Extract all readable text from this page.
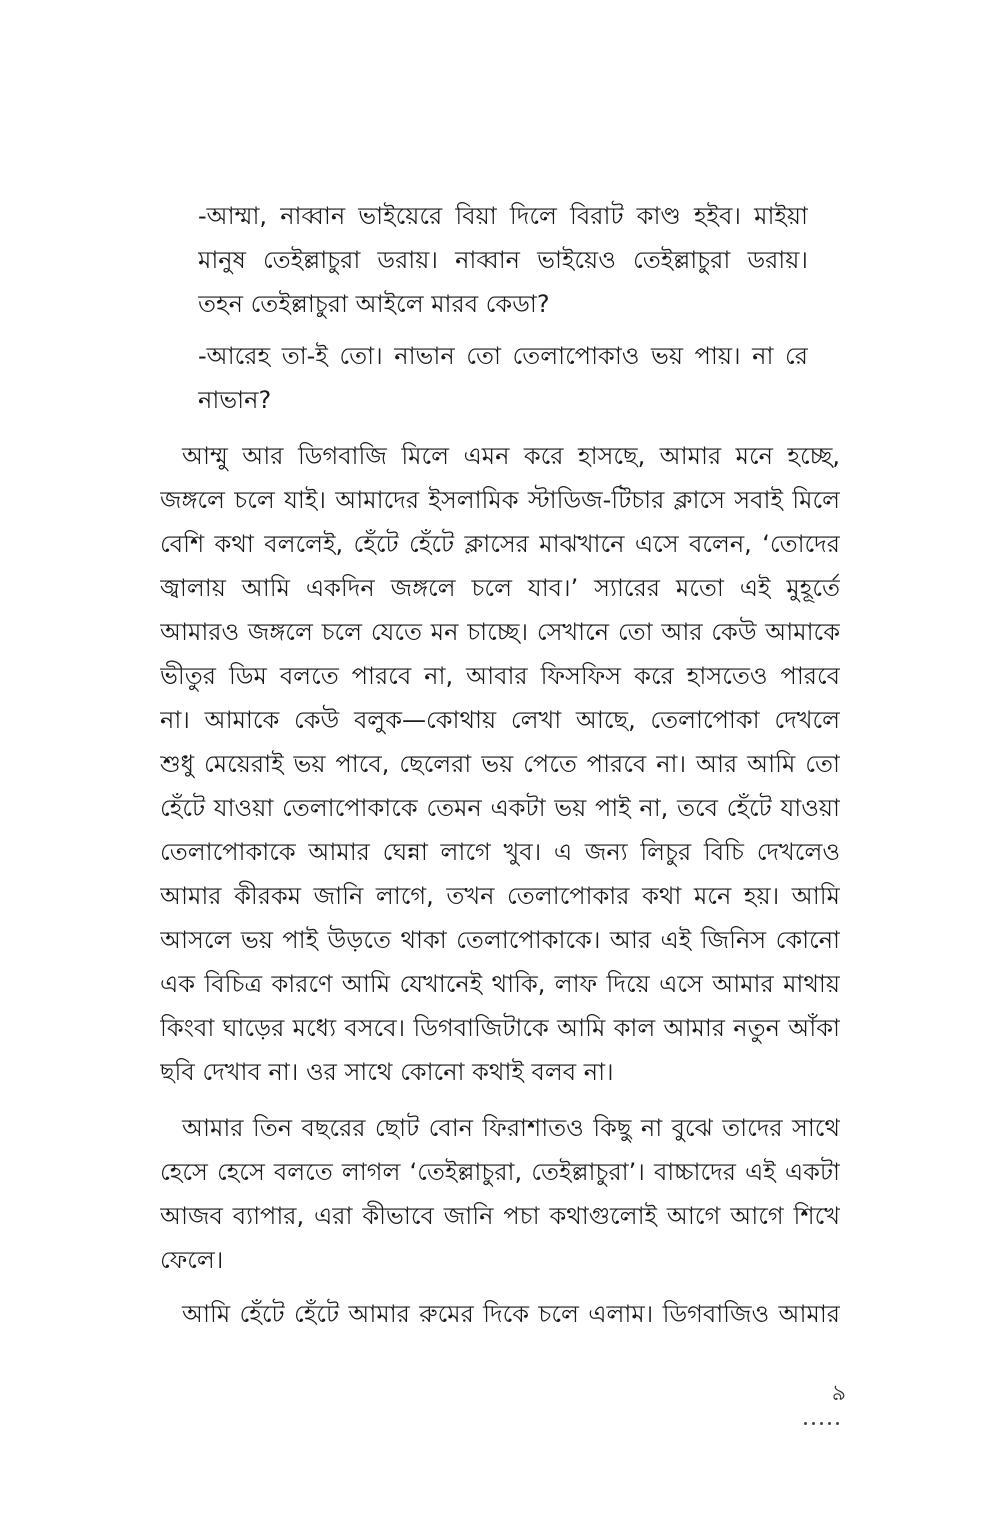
-আম্মা, নাব্বান ভাইয়েরে বিয়া দিলে বিরাট কাণ্ড হইব। মাইয়া
মানুষ তেইল্লাচুরা ডরায়। নাব্বান ভাইয়েও তেইল্লাচুরা ডরায়।
তহন তেইল্লাচুরা আইলে মারব কেডা?
-আরেহ তা-ই তো। নাভান তো তেলাপোকাও ভয় পায়। না রে
নাভান?
আম্মু আর ডিগবাজি মিলে এমন করে হাসছে, আমার মনে হচ্ছে,
জঙ্গলে চলে যাই। আমাদের ইসলামিক স্টাডিজ-টিচার ক্লাসে সবাই মিলে
বেশি কথা বললেই, হেঁটে হেঁটে ক্লাসের মাঝখানে এসে বলেন, ‘তোদের
জ্বালায় আমি একদিন জঙ্গলে চলে যাব।’ স্যারের মতো এই মুহূর্তে
আমারও জঙ্গলে চলে যেতে মন চাচ্ছে। সেখানে তো আর কেউ আমাকে
ভীতুর ডিম বলতে পারবে না, আবার ফিসফিস করে হাসতেও পারবে
না। আমাকে কেউ বলুক—কোথায় লেখা আছে, তেলাপোকা দেখলে
শুধু মেয়েরাই ভয় পাবে, ছেলেরা ভয় পেতে পারবে না। আর আমি তো
হেঁটে যাওয়া তেলাপোকাকে তেমন একটা ভয় পাই না, তবে হেঁটে যাওয়া
তেলাপোকাকে আমার ঘেন্না লাগে খুব। এ জন্য লিচুর বিচি দেখলেও
আমার কীরকম জানি লাগে, তখন তেলাপোকার কথা মনে হয়। আমি
আসলে ভয় পাই উড়তে থাকা তেলাপোকাকে। আর এই জিনিস কোনো
এক বিচিত্র কারণে আমি যেখানেই থাকি, লাফ দিয়ে এসে আমার মাথায়
কিংবা ঘাড়ের মধ্যে বসবে। ডিগবাজিটাকে আমি কাল আমার নতুন আঁকা
ছবি দেখাব না। ওর সাথে কোনো কথাই বলব না।
আমার তিন বছরের ছোট বোন ফিরাশাতও কিছু না বুঝে তাদের সাথে
হেসে হেসে বলতে লাগল ‘তেইল্লাচুরা, তেইল্লাচুরা’। বাচ্চাদের এই একটা
আজব ব্যাপার, এরা কীভাবে জানি পচা কথাগুলোই আগে আগে শিখে
ফেলে।
আমি হেঁটে হেঁটে আমার রুমের দিকে চলে এলাম। ডিগবাজিও আমার
৯
